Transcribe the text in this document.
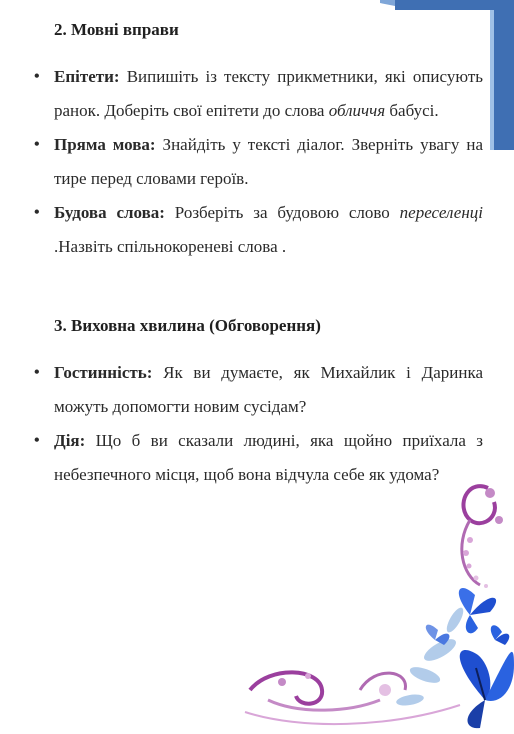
2. Мовні вправи
• Епітети: Випишіть із тексту прикметники, які описують ранок. Доберіть свої епітети до слова обличчя бабусі.
• Пряма мова: Знайдіть у тексті діалог. Зверніть увагу на тире перед словами героїв.
• Будова слова: Розберіть за будовою слово переселенці .Назвіть спільнокореневі слова .
3. Виховна хвилина (Обговорення)
• Гостинність: Як ви думаєте, як Михайлик і Даринка можуть допомогти новим сусідам?
• Дія: Що б ви сказали людині, яка щойно приїхала з небезпечного місця, щоб вона відчула себе як удома?
